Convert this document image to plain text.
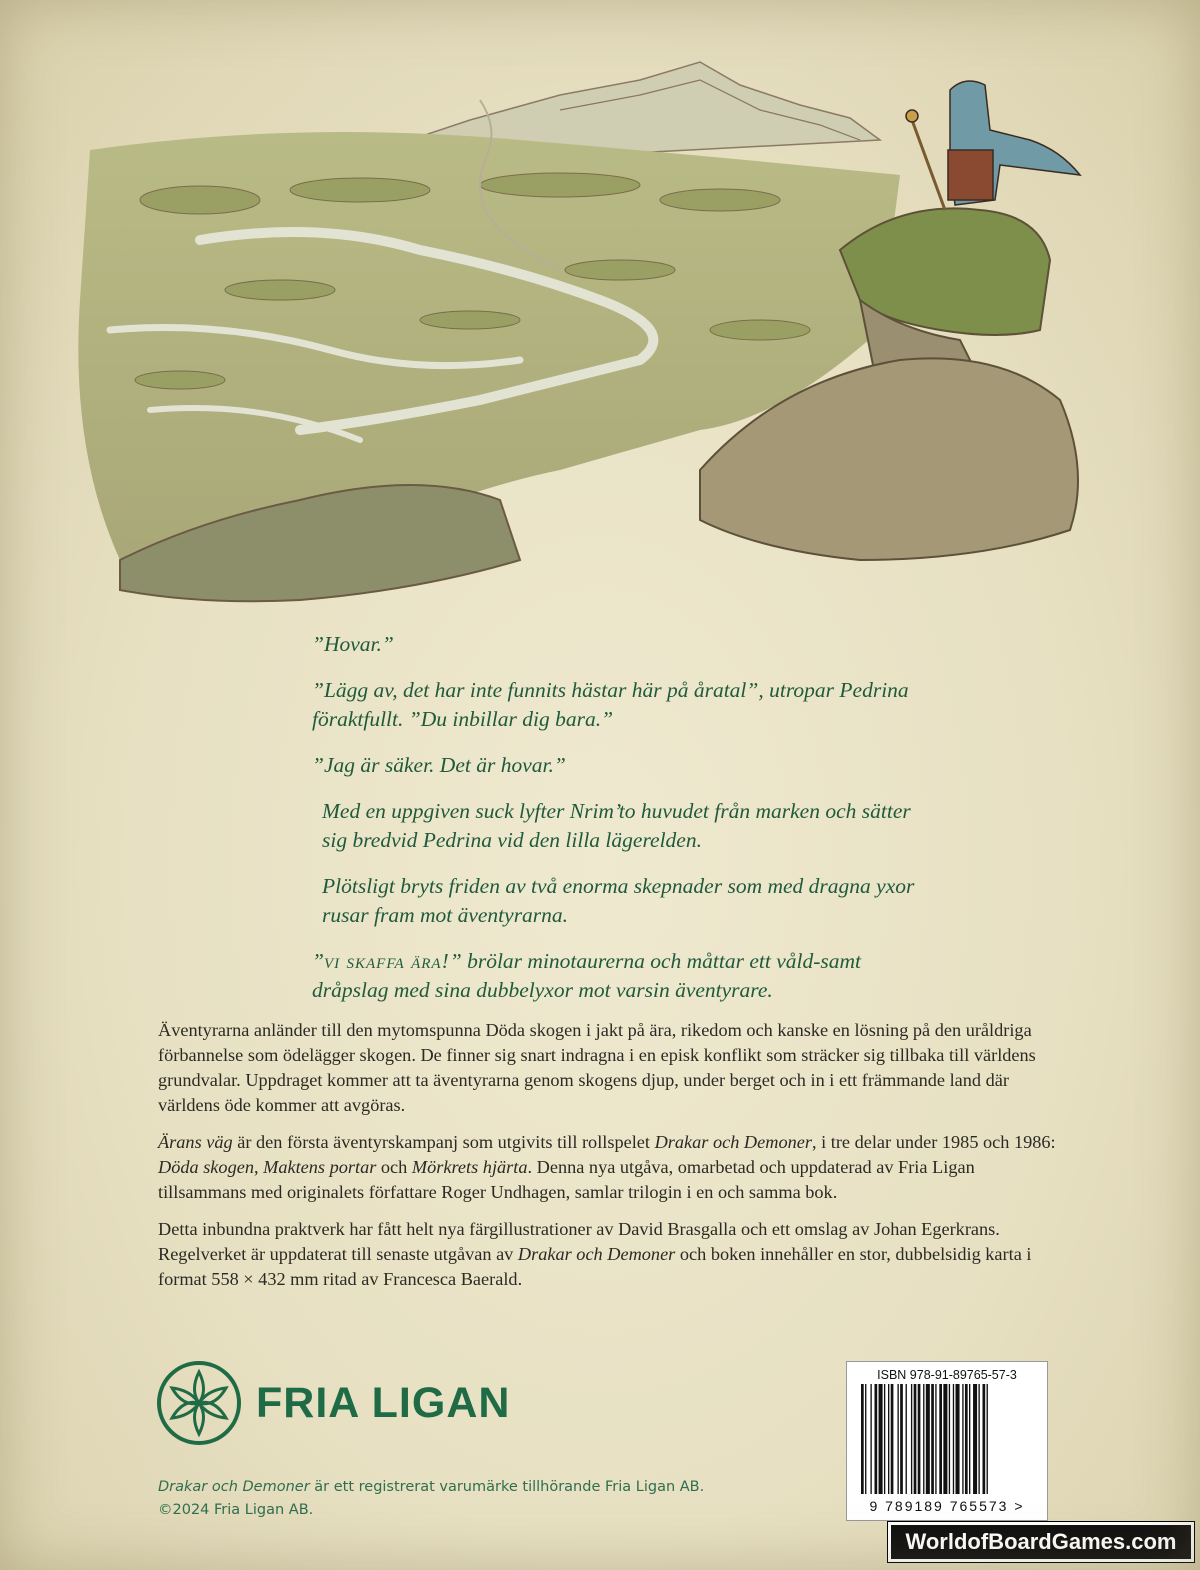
”Hovar.”

”Lägg av, det har inte funnits hästar här på åratal”, utropar Pedrina föraktfullt. ”Du inbillar dig bara.”

”Jag är säker. Det är hovar.”

Med en uppgiven suck lyfter Nrim’to huvudet från marken och sätter sig bredvid Pedrina vid den lilla lägerelden.

Plötsligt bryts friden av två enorma skepnader som med dragna yxor rusar fram mot äventyrarna.

”vi skaffa ära!” brölar minotaurerna och måttar ett våld-samt dråpslag med sina dubbelyxor mot varsin äventyrare.

Äventyrarna anländer till den mytomspunna Döda skogen i jakt på ära, rikedom och kanske en lösning på den uråldriga förbannelse som ödelägger skogen. De finner sig snart indragna i en episk konflikt som sträcker sig tillbaka till världens grundvalar. Uppdraget kommer att ta äventyrarna genom skogens djup, under berget och in i ett främmande land där världens öde kommer att avgöras.

Ärans väg är den första äventyrskampanj som utgivits till rollspelet Drakar och Demoner, i tre delar under 1985 och 1986: Döda skogen, Maktens portar och Mörkrets hjärta. Denna nya utgåva, omarbetad och uppdaterad av Fria Ligan tillsammans med originalets författare Roger Undhagen, samlar trilogin i en och samma bok.

Detta inbundna praktverk har fått helt nya färgillustrationer av David Brasgalla och ett omslag av Johan Egerkrans. Regelverket är uppdaterat till senaste utgåvan av Drakar och Demoner och boken innehåller en stor, dubbelsidig karta i format 558 × 432 mm ritad av Francesca Baerald.

FRIA LIGAN
Drakar och Demoner är ett registrerat varumärke tillhörande Fria Ligan AB.
©2024 Fria Ligan AB.
ISBN 978-91-89765-57-3
9 789189 765573 >
WorldofBoardGames.com
